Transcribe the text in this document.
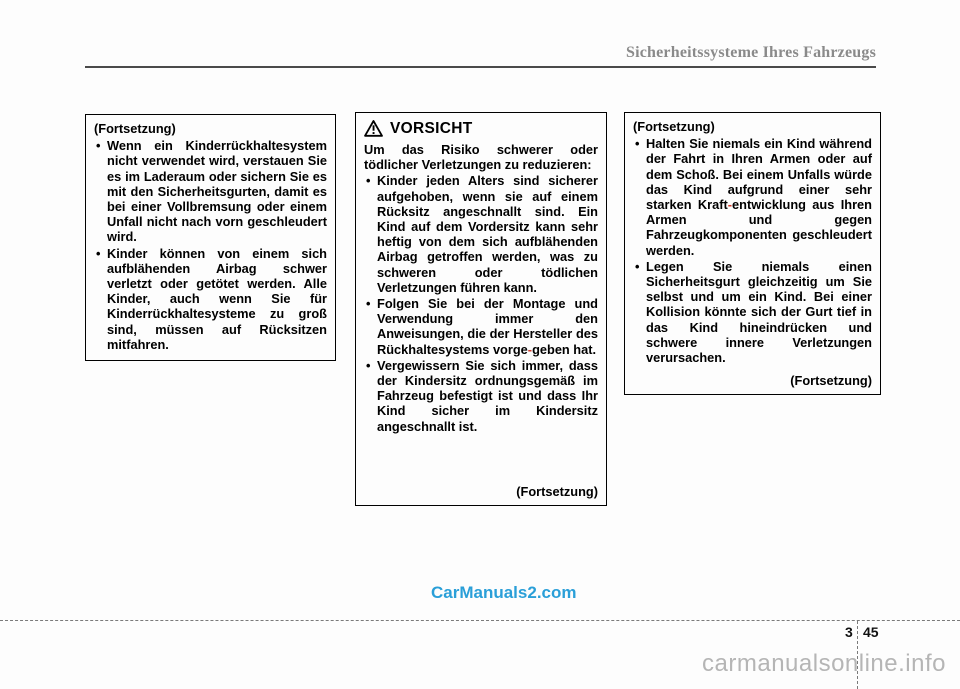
Sicherheitssysteme Ihres Fahrzeugs
(Fortsetzung)
• Wenn ein Kinderrückhaltesystem nicht verwendet wird, verstauen Sie es im Laderaum oder sichern Sie es mit den Sicherheitsgurten, damit es bei einer Vollbremsung oder einem Unfall nicht nach vorn geschleudert wird.
• Kinder können von einem sich aufblähenden Airbag schwer verletzt oder getötet werden. Alle Kinder, auch wenn Sie für Kinderrückhaltesysteme zu groß sind, müssen auf Rücksitzen mitfahren.
VORSICHT
Um das Risiko schwerer oder tödlicher Verletzungen zu reduzieren:
• Kinder jeden Alters sind sicherer aufgehoben, wenn sie auf einem Rücksitz angeschnallt sind. Ein Kind auf dem Vordersitz kann sehr heftig von dem sich aufblähenden Airbag getroffen werden, was zu schweren oder tödlichen Verletzungen führen kann.
• Folgen Sie bei der Montage und Verwendung immer den Anweisungen, die der Hersteller des Rückhaltesystems vorge-geben hat.
• Vergewissern Sie sich immer, dass der Kindersitz ordnungsgemäß im Fahrzeug befestigt ist und dass Ihr Kind sicher im Kindersitz angeschnallt ist.
(Fortsetzung)
(Fortsetzung)
• Halten Sie niemals ein Kind während der Fahrt in Ihren Armen oder auf dem Schoß. Bei einem Unfalls würde das Kind aufgrund einer sehr starken Kraft-entwicklung aus Ihren Armen und gegen Fahrzeugkomponenten geschleudert werden.
• Legen Sie niemals einen Sicherheitsgurt gleichzeitig um Sie selbst und um ein Kind. Bei einer Kollision könnte sich der Gurt tief in das Kind hineindrücken und schwere innere Verletzungen verursachen.
(Fortsetzung)
CarManuals2.com
3 45
carmanualsonline.info
